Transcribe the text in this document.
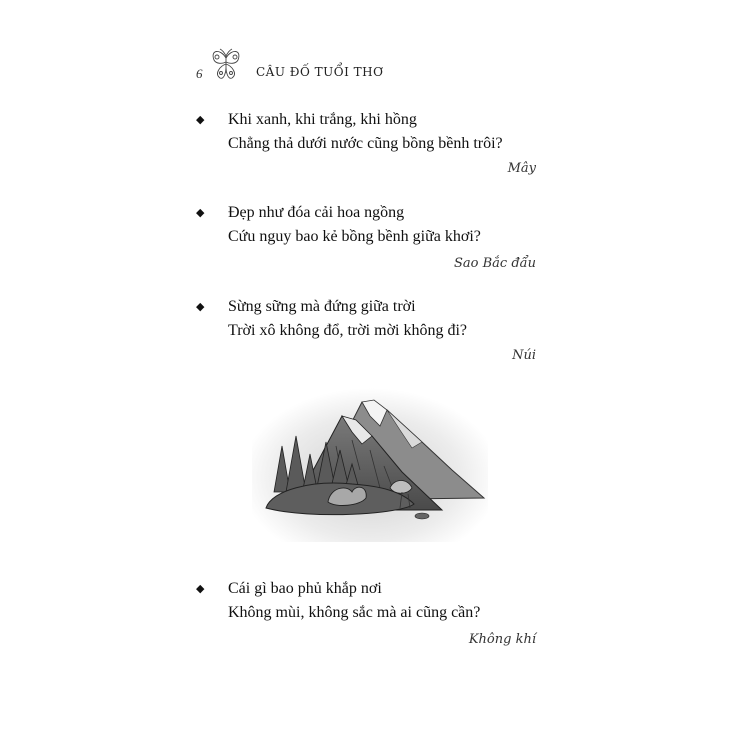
6	CÂU ĐỐ TUỔI THƠ
◆ Khi xanh, khi trắng, khi hồng
Chẳng thả dưới nước cũng bồng bềnh trôi?
Mây
◆ Đẹp như đóa cải hoa ngồng
Cứu nguy bao kẻ bồng bềnh giữa khơi?
Sao Bắc đẩu
◆ Sừng sững mà đứng giữa trời
Trời xô không đổ, trời mời không đi?
Núi
◆ Cái gì bao phủ khắp nơi
Không mùi, không sắc mà ai cũng cần?
Không khí
